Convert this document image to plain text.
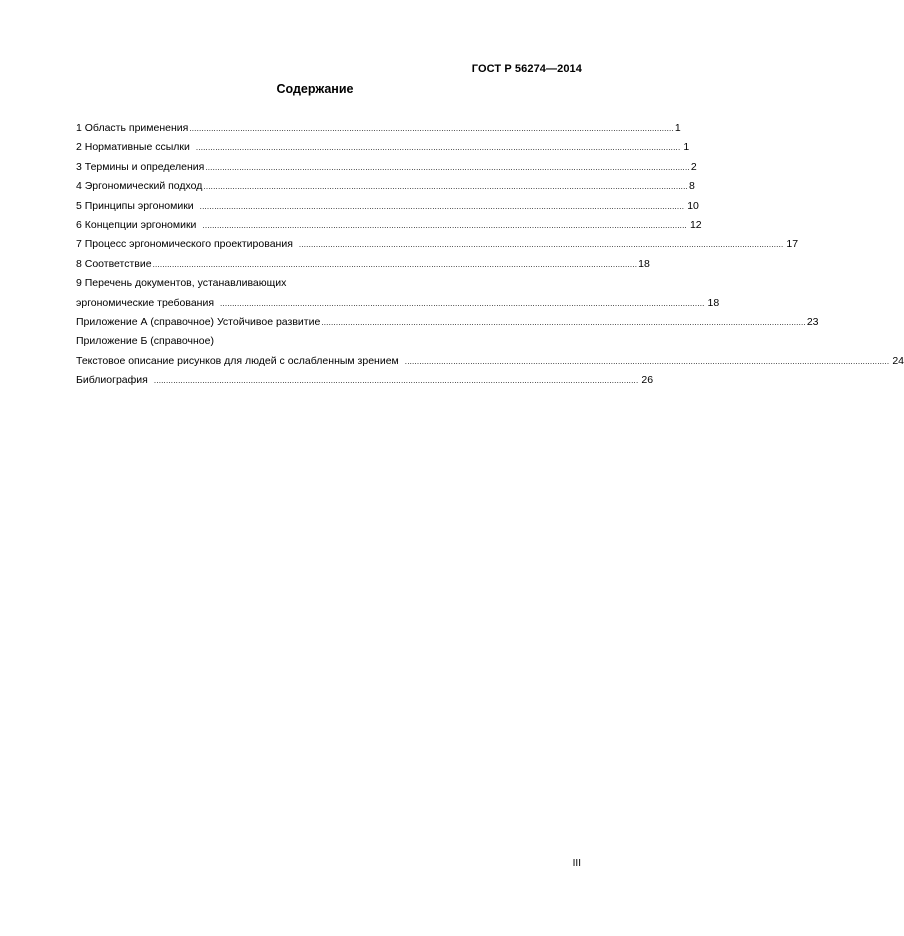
ГОСТ Р 56274—2014
Содержание
1 Область применения ........................................................................................................................................................................................................ 1
2 Нормативные ссылки ........................................................................................................................................................................................................ 1
3 Термины и определения ........................................................................................................................................................................................................ 2
4 Эргономический подход ........................................................................................................................................................................................................ 8
5 Принципы эргономики ........................................................................................................................................................................................................ 10
6 Концепции эргономики ........................................................................................................................................................................................................ 12
7 Процесс эргономического проектирования ........................................................................................................................................................................................................ 17
8 Соответствие ........................................................................................................................................................................................................ 18
9 Перечень документов, устанавливающих
эргономические требования ........................................................................................................................................................................................................ 18
Приложение А (справочное) Устойчивое развитие ........................................................................................................................................................................................................ 23
Приложение Б (справочное)
Текстовое описание рисунков для людей с ослабленным зрением ........................................................................................................................................................................................................ 24
Библиография ........................................................................................................................................................................................................ 26
III
